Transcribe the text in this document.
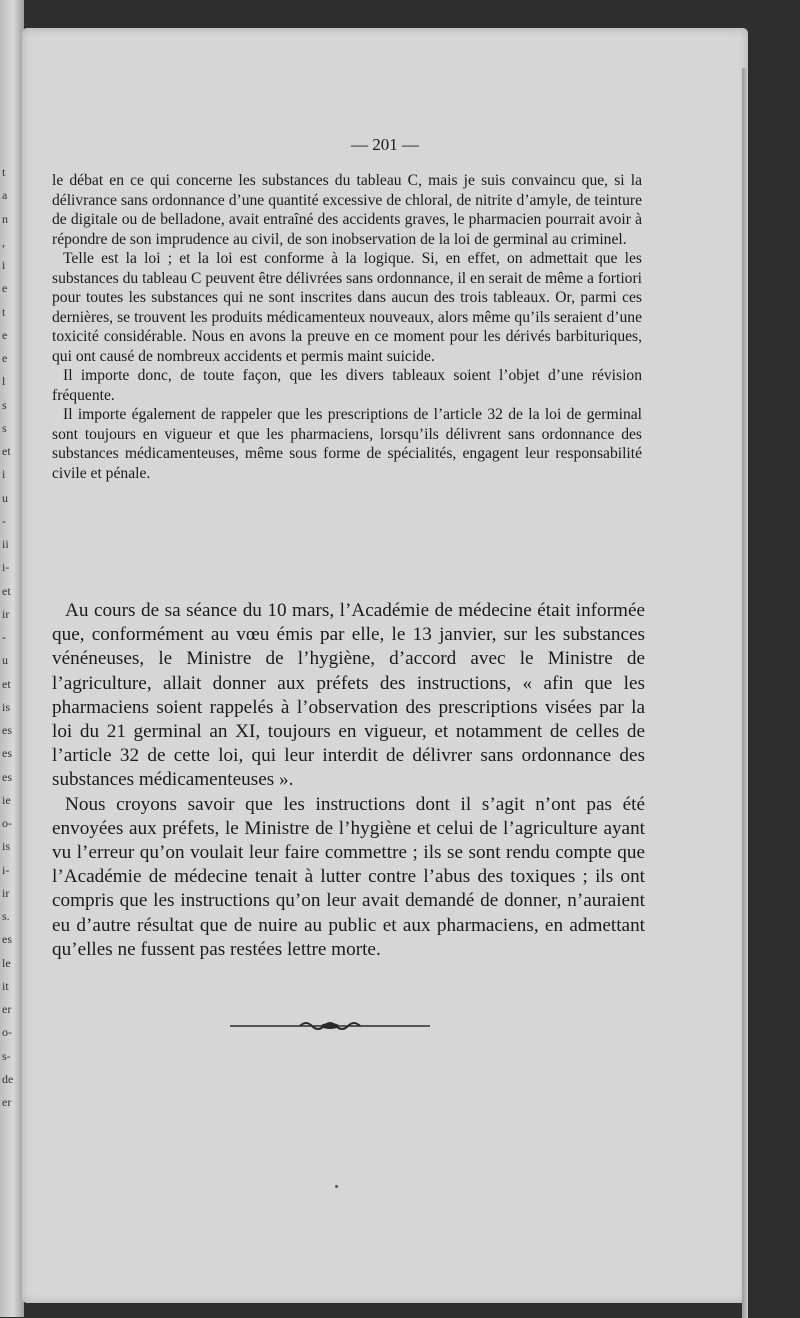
t
a
n
,
i
e
t
e
e
l
s
s
et
i
u
-
ii
i-
et
ir
-
u
et
is
es
es
es
ie
o-
is
i-
ir
s.
es
le
it
er
o-
s-
de
er
— 201 —

le débat en ce qui concerne les substances du tableau C, mais je suis convaincu que, si la délivrance sans ordonnance d’une quantité excessive de chloral, de nitrite d’amyle, de teinture de digitale ou de belladone, avait entraîné des accidents graves, le pharmacien pourrait avoir à répondre de son imprudence au civil, de son inobservation de la loi de germinal au criminel.

Telle est la loi ; et la loi est conforme à la logique. Si, en effet, on admettait que les substances du tableau C peuvent être délivrées sans ordonnance, il en serait de même a fortiori pour toutes les substances qui ne sont inscrites dans aucun des trois tableaux. Or, parmi ces dernières, se trouvent les produits médicamenteux nouveaux, alors même qu’ils seraient d’une toxicité considérable. Nous en avons la preuve en ce moment pour les dérivés barbituriques, qui ont causé de nombreux accidents et permis maint suicide.

Il importe donc, de toute façon, que les divers tableaux soient l’objet d’une révision fréquente.

Il importe également de rappeler que les prescriptions de l’article 32 de la loi de germinal sont toujours en vigueur et que les pharmaciens, lorsqu’ils délivrent sans ordonnance des substances médicamenteuses, même sous forme de spécialités, engagent leur responsabilité civile et pénale.

Au cours de sa séance du 10 mars, l’Académie de médecine était informée que, conformément au vœu émis par elle, le 13 janvier, sur les substances vénéneuses, le Ministre de l’hygiène, d’accord avec le Ministre de l’agriculture, allait donner aux préfets des instructions, « afin que les pharmaciens soient rappelés à l’observation des prescriptions visées par la loi du 21 germinal an XI, toujours en vigueur, et notamment de celles de l’article 32 de cette loi, qui leur interdit de délivrer sans ordonnance des substances médicamenteuses ».

Nous croyons savoir que les instructions dont il s’agit n’ont pas été envoyées aux préfets, le Ministre de l’hygiène et celui de l’agriculture ayant vu l’erreur qu’on voulait leur faire commettre ; ils se sont rendu compte que l’Académie de médecine tenait à lutter contre l’abus des toxiques ; ils ont compris que les instructions qu’on leur avait demandé de donner, n’auraient eu d’autre résultat que de nuire au public et aux pharmaciens, en admettant qu’elles ne fussent pas restées lettre morte.
